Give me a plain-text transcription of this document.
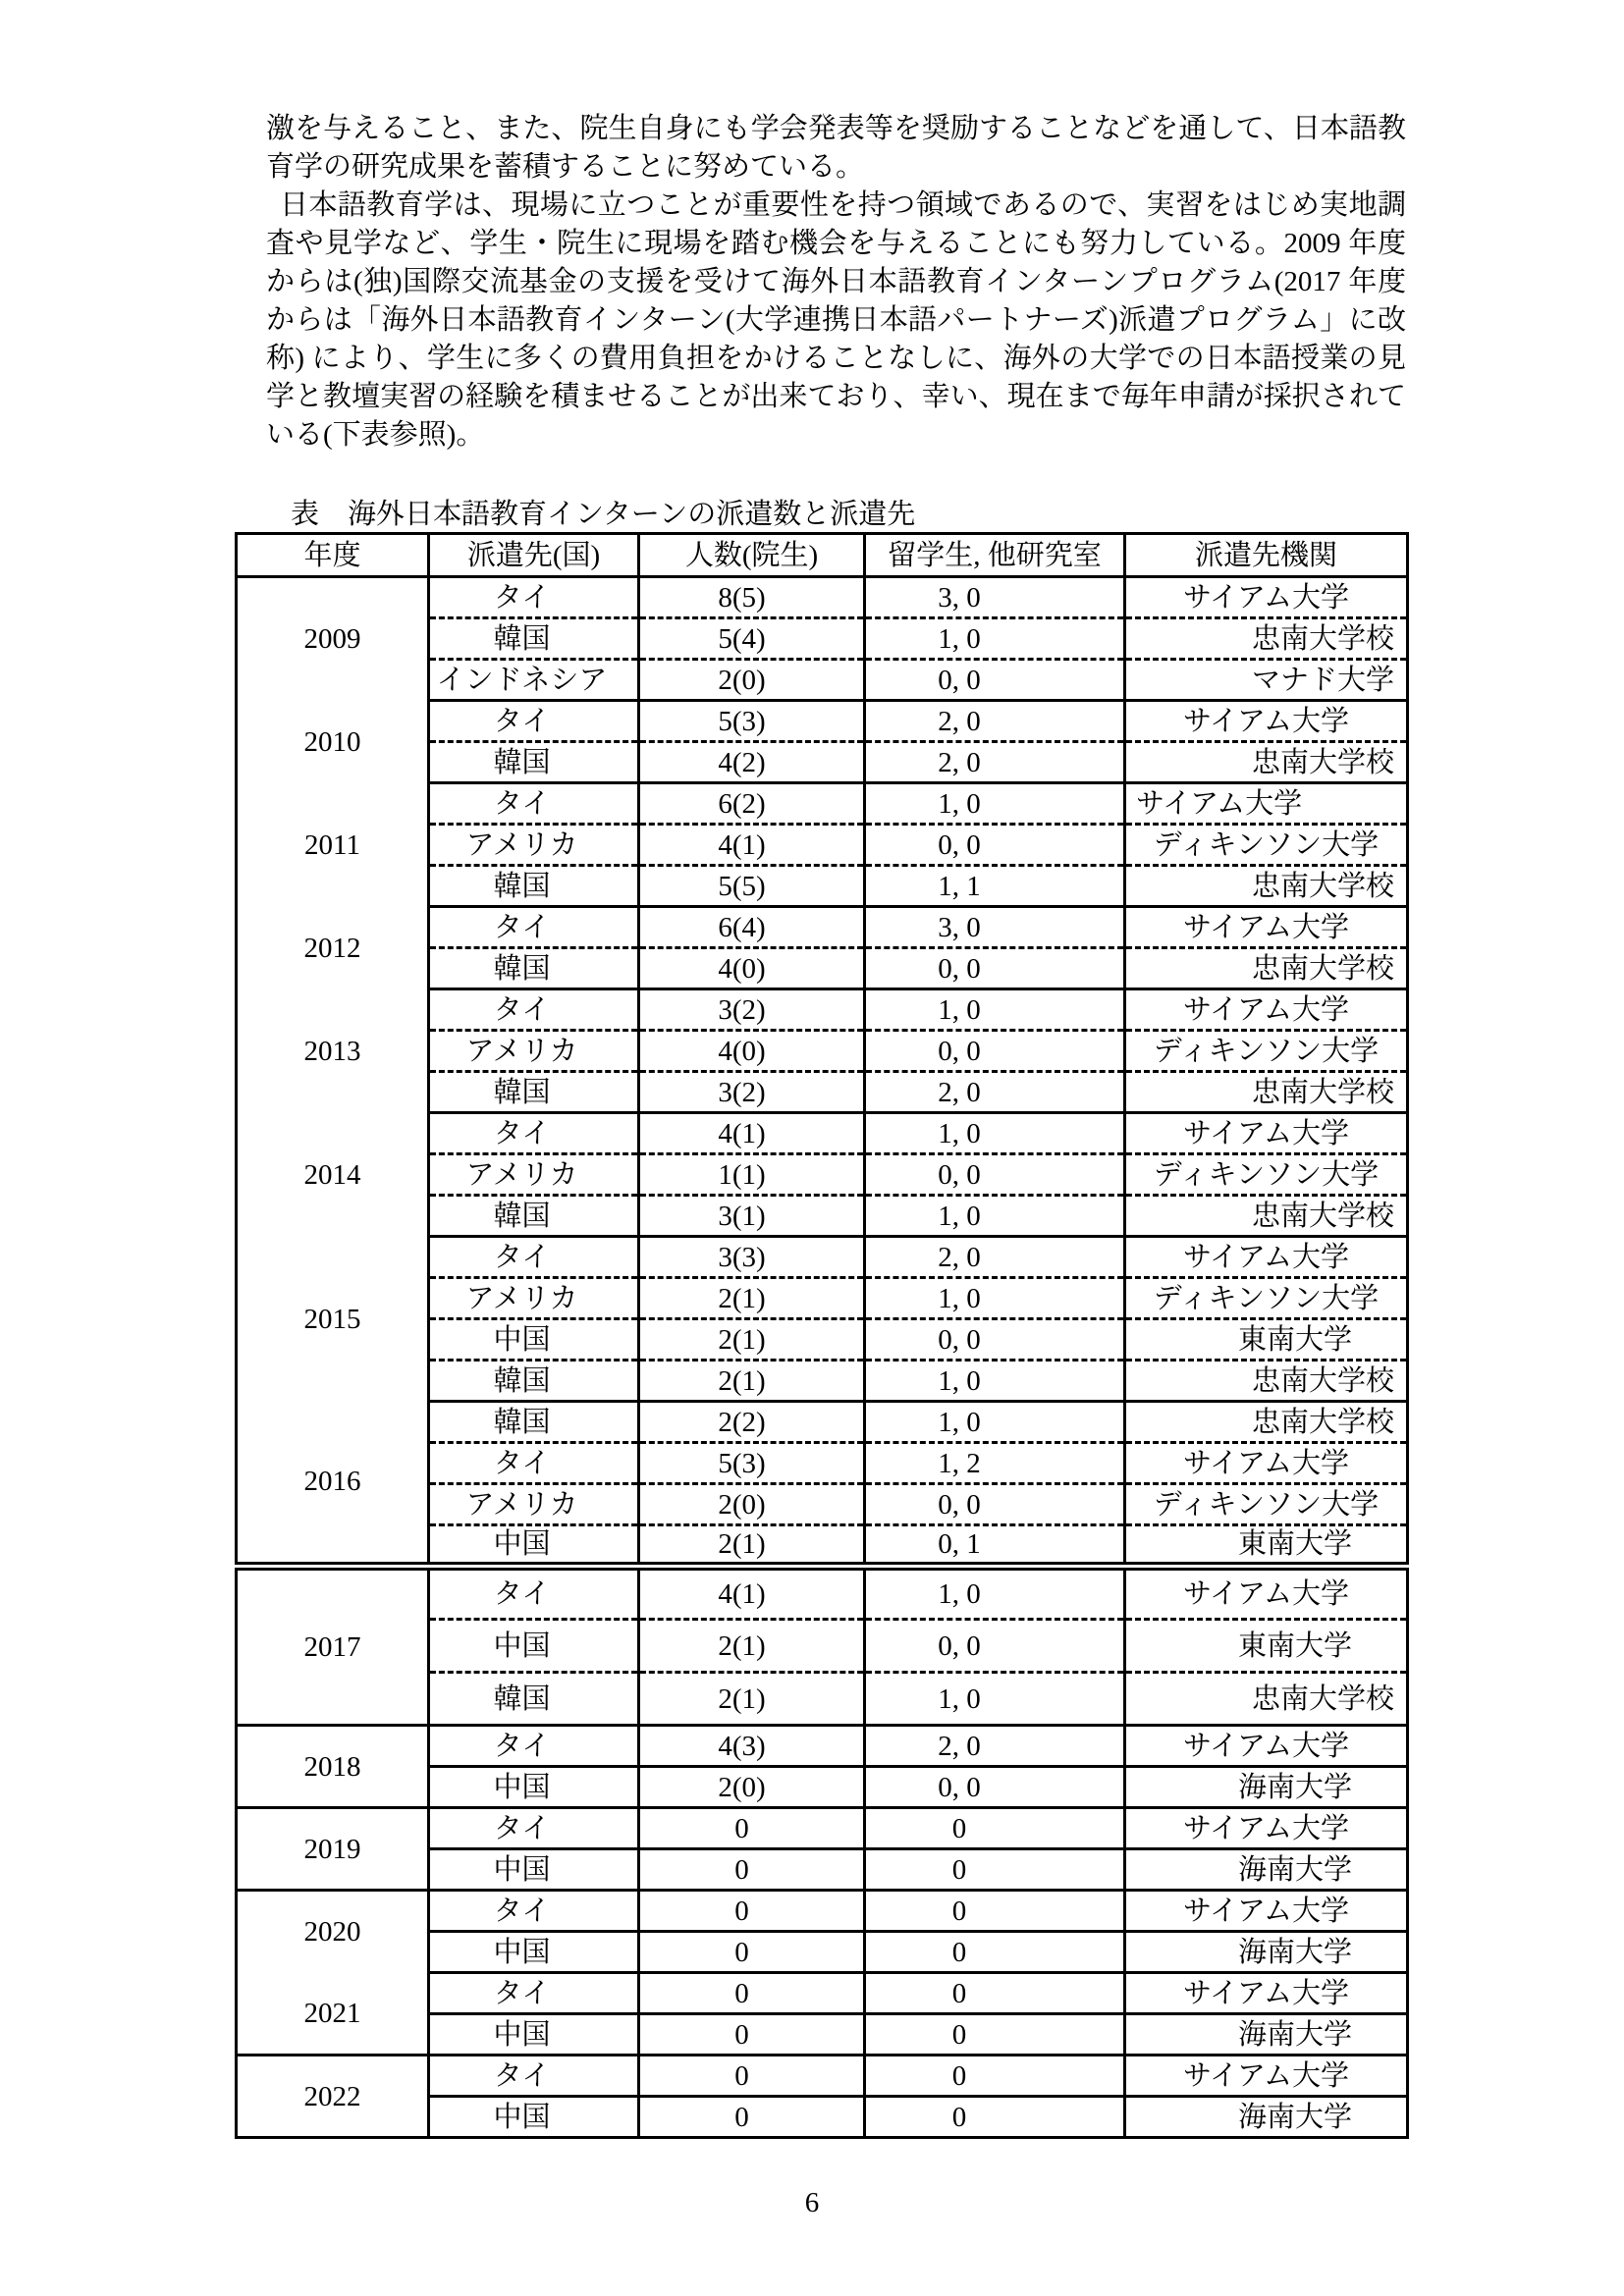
激を与えること、また、院生自身にも学会発表等を奨励することなどを通して、日本語教育学の研究成果を蓄積することに努めている。

日本語教育学は、現場に立つことが重要性を持つ領域であるので、実習をはじめ実地調査や見学など、学生・院生に現場を踏む機会を与えることにも努力している。2009 年度からは(独)国際交流基金の支援を受けて海外日本語教育インターンプログラム(2017 年度からは「海外日本語教育インターン(大学連携日本語パートナーズ)派遣プログラム」に改称) により、学生に多くの費用負担をかけることなしに、海外の大学での日本語授業の見学と教壇実習の経験を積ませることが出来ており、幸い、現在まで毎年申請が採択されている(下表参照)。

表　海外日本語教育インターンの派遣数と派遣先
年度	派遣先(国)	人数(院生)	留学生, 他研究室	派遣先機関
2009	タイ	8(5)	3, 0	サイアム大学
	韓国	5(4)	1, 0	忠南大学校
	インドネシア	2(0)	0, 0	マナド大学
2010	タイ	5(3)	2, 0	サイアム大学
	韓国	4(2)	2, 0	忠南大学校
2011	タイ	6(2)	1, 0	サイアム大学
	アメリカ	4(1)	0, 0	ディキンソン大学
	韓国	5(5)	1, 1	忠南大学校
2012	タイ	6(4)	3, 0	サイアム大学
	韓国	4(0)	0, 0	忠南大学校
2013	タイ	3(2)	1, 0	サイアム大学
	アメリカ	4(0)	0, 0	ディキンソン大学
	韓国	3(2)	2, 0	忠南大学校
2014	タイ	4(1)	1, 0	サイアム大学
	アメリカ	1(1)	0, 0	ディキンソン大学
	韓国	3(1)	1, 0	忠南大学校
2015	タイ	3(3)	2, 0	サイアム大学
	アメリカ	2(1)	1, 0	ディキンソン大学
	中国	2(1)	0, 0	東南大学
	韓国	2(1)	1, 0	忠南大学校
2016	韓国	2(2)	1, 0	忠南大学校
	タイ	5(3)	1, 2	サイアム大学
	アメリカ	2(0)	0, 0	ディキンソン大学
	中国	2(1)	0, 1	東南大学
2017	タイ	4(1)	1, 0	サイアム大学
	中国	2(1)	0, 0	東南大学
	韓国	2(1)	1, 0	忠南大学校
2018	タイ	4(3)	2, 0	サイアム大学
	中国	2(0)	0, 0	海南大学
2019	タイ	0	0	サイアム大学
	中国	0	0	海南大学
2020	タイ	0	0	サイアム大学
	中国	0	0	海南大学
2021	タイ	0	0	サイアム大学
	中国	0	0	海南大学
2022	タイ	0	0	サイアム大学
	中国	0	0	海南大学
6
